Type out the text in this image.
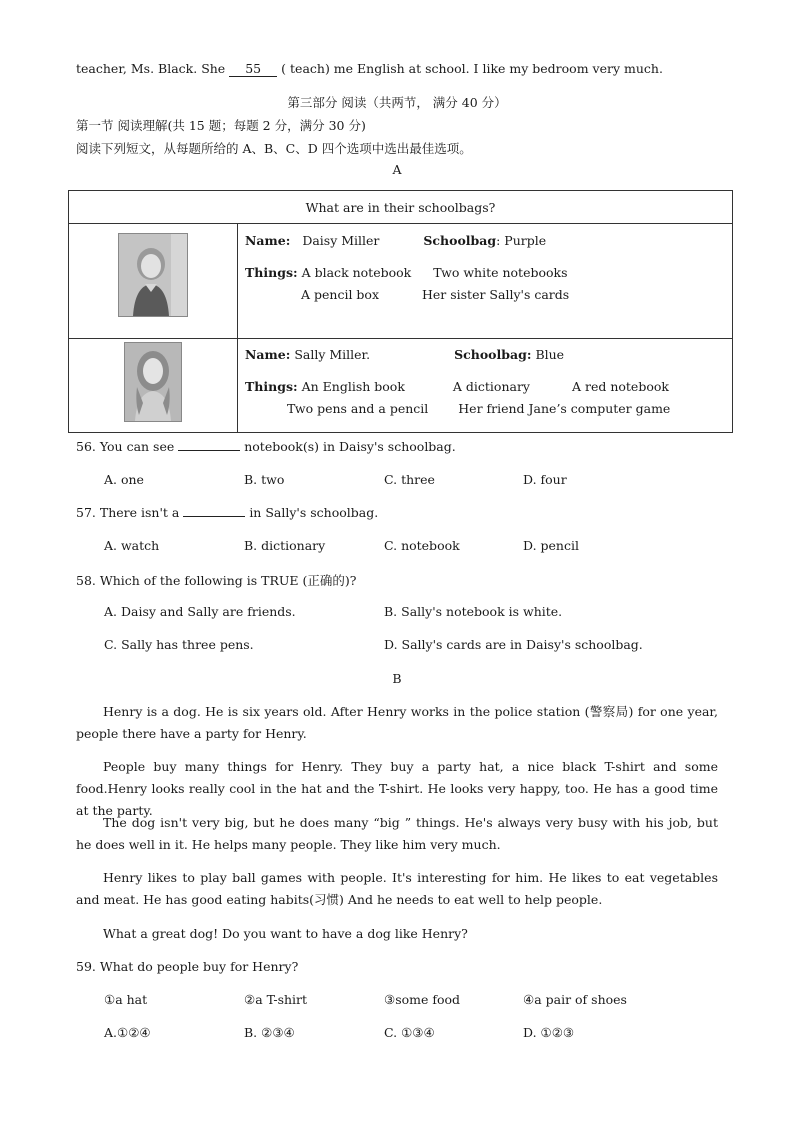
teacher, Ms. Black. She 55 ( teach) me English at school. I like my bedroom very much.
第三部分 阅读（共两节， 满分 40 分）
第一节 阅读理解(共 15 题；每题 2 分，满分 30 分)
阅读下列短文，从每题所给的 A、B、C、D 四个选项中选出最佳选项。
A
What are in their schoolbags?	

Name: Daisy Miller Schoolbag: Purple
Things: A black notebook Two white notebooks
A pencil box Her sister Sally's cards

Name: Sally Miller. Schoolbag: Blue
Things: An English book A dictionary A red notebook
Two pens and a pencil Her friend Jane’s computer game
56. You can see	notebook(s) in Daisy's schoolbag.
A. one	B. two	C. three	D. four
57. There isn't a	in Sally's schoolbag.
A. watch	B. dictionary	C. notebook	D. pencil
58. Which of the following is TRUE (正确的)?
A. Daisy and Sally are friends.	B. Sally's notebook is white.
C. Sally has three pens.	D. Sally's cards are in Daisy's schoolbag.
B
Henry is a dog. He is six years old. After Henry works in the police station (警察局) for one year, people there have a party for Henry.
People buy many things for Henry. They buy a party hat, a nice black T-shirt and some food.Henry looks really cool in the hat and the T-shirt. He looks very happy, too. He has a good time at the party.
The dog isn't very big, but he does many “big ” things. He's always very busy with his job, but he does well in it. He helps many people. They like him very much.
Henry likes to play ball games with people. It's interesting for him. He likes to eat vegetables and meat. He has good eating habits(习惯) And he needs to eat well to help people.
What a great dog! Do you want to have a dog like Henry?
59. What do people buy for Henry?
①a hat	②a T-shirt	③some food	④a pair of shoes
A.①②④	B. ②③④	C. ①③④	D. ①②③
